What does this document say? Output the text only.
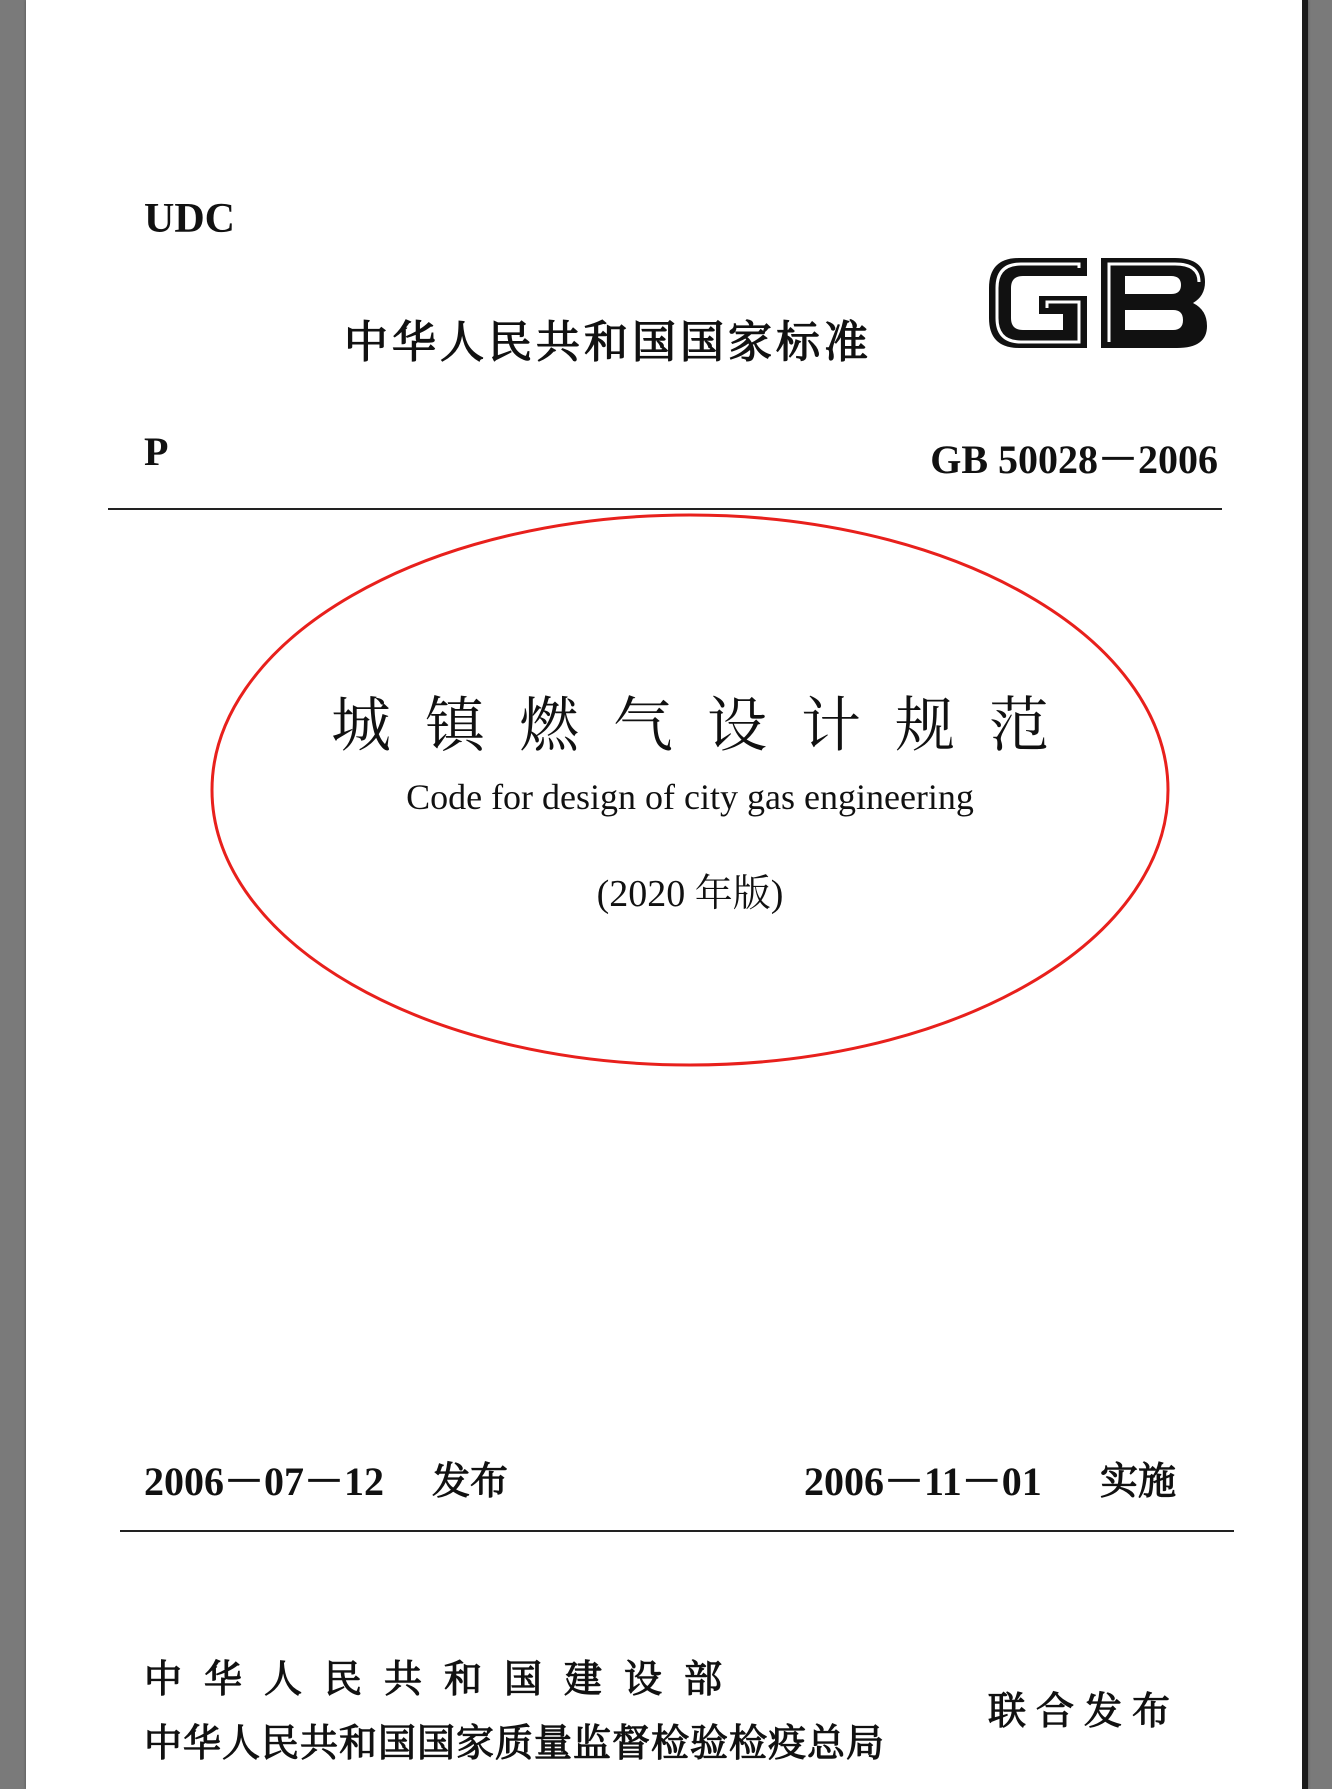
UDC
中华人民共和国国家标准
P	GB 50028－2006
城镇燃气设计规范
Code for design of city gas engineering
(2020 年版)
2006－07－12 发布	2006－11－01 实施
中华人民共和国建设部
中华人民共和国国家质量监督检验检疫总局
联合发布
